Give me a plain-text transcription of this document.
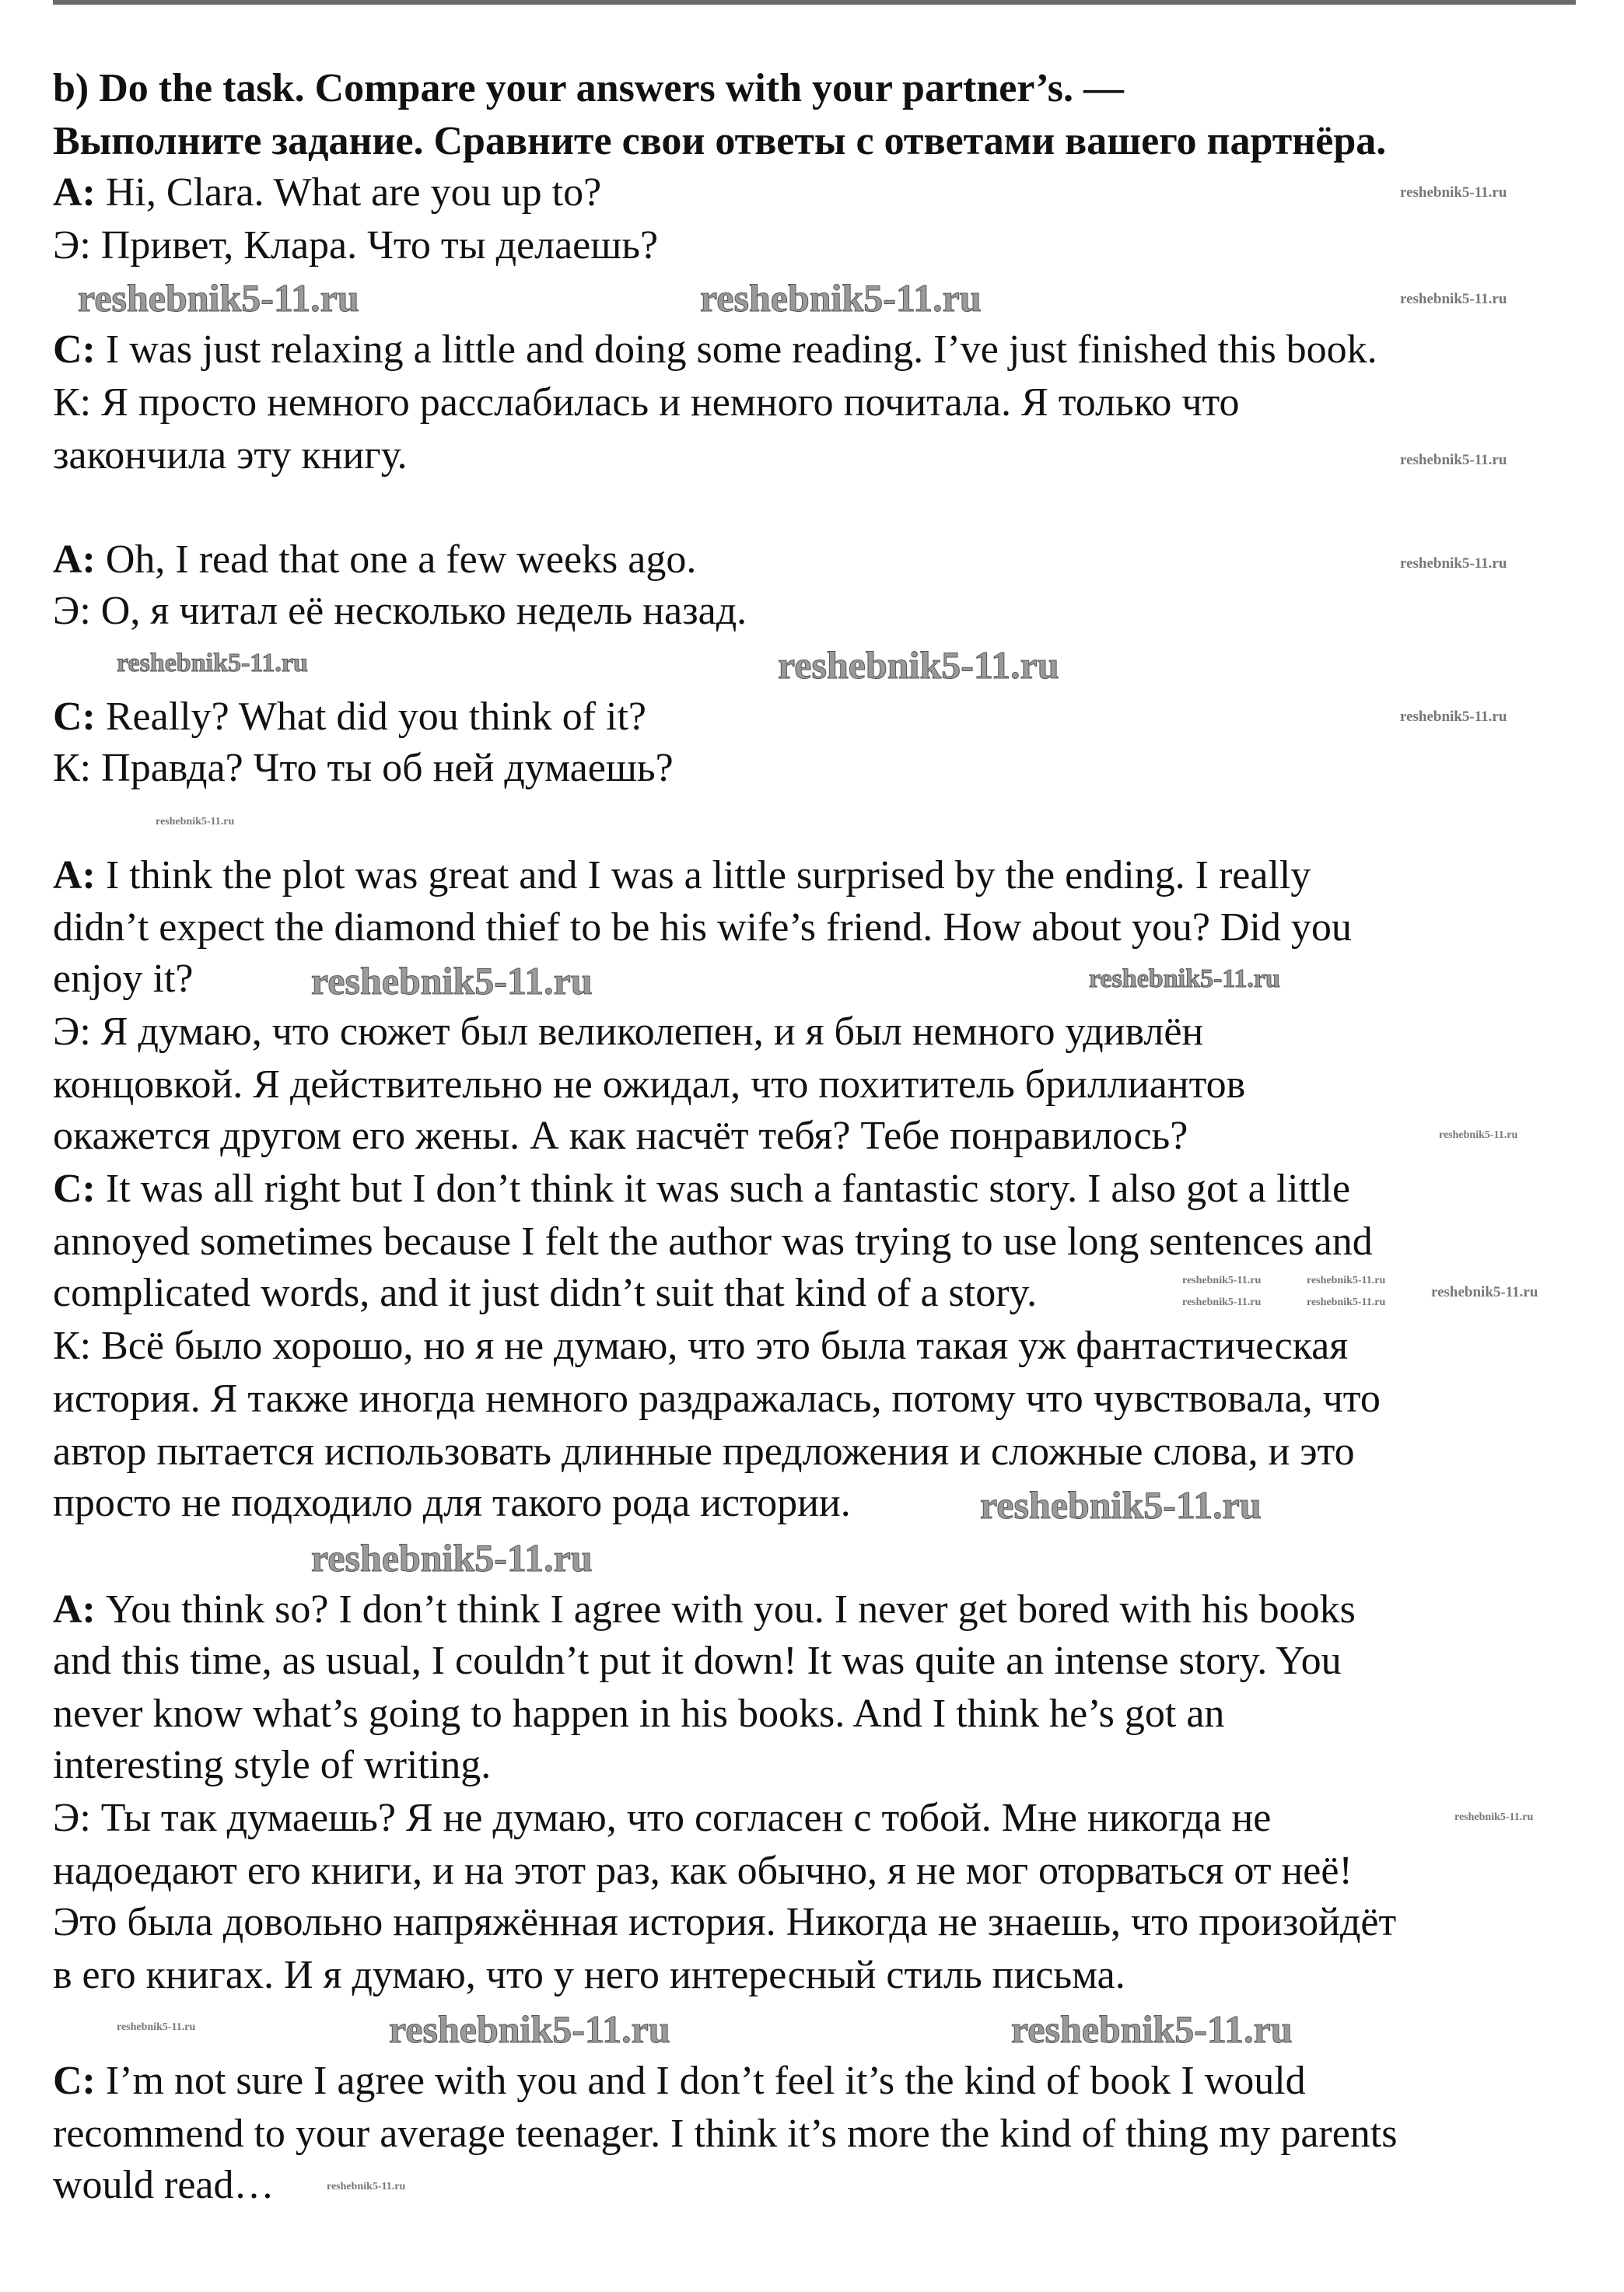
b) Do the task. Compare your answers with your partner’s. —
Выполните задание. Сравните свои ответы с ответами вашего партнёра.
A: Hi, Clara. What are you up to?
Э: Привет, Клара. Что ты делаешь?
C: I was just relaxing a little and doing some reading. I’ve just finished this book.
К: Я просто немного расслабилась и немного почитала. Я только что
закончила эту книгу.
A: Oh, I read that one a few weeks ago.
Э: О, я читал её несколько недель назад.
C: Really? What did you think of it?
К: Правда? Что ты об ней думаешь?
A: I think the plot was great and I was a little surprised by the ending. I really
didn’t expect the diamond thief to be his wife’s friend. How about you? Did you
enjoy it?
Э: Я думаю, что сюжет был великолепен, и я был немного удивлён
концовкой. Я действительно не ожидал, что похититель бриллиантов
окажется другом его жены. А как насчёт тебя? Тебе понравилось?
C: It was all right but I don’t think it was such a fantastic story. I also got a little
annoyed sometimes because I felt the author was trying to use long sentences and
complicated words, and it just didn’t suit that kind of a story.
К: Всё было хорошо, но я не думаю, что это была такая уж фантастическая
история. Я также иногда немного раздражалась, потому что чувствовала, что
автор пытается использовать длинные предложения и сложные слова, и это
просто не подходило для такого рода истории.
A: You think so? I don’t think I agree with you. I never get bored with his books
and this time, as usual, I couldn’t put it down! It was quite an intense story. You
never know what’s going to happen in his books. And I think he’s got an
interesting style of writing.
Э: Ты так думаешь? Я не думаю, что согласен с тобой. Мне никогда не
надоедают его книги, и на этот раз, как обычно, я не мог оторваться от неё!
Это была довольно напряжённая история. Никогда не знаешь, что произойдёт
в его книгах. И я думаю, что у него интересный стиль письма.
C: I’m not sure I agree with you and I don’t feel it’s the kind of book I would
recommend to your average teenager. I think it’s more the kind of thing my parents
would read…
reshebnik5-11.ru
reshebnik5-11.ru	reshebnik5-11.ru	reshebnik5-11.ru
reshebnik5-11.ru
reshebnik5-11.ru
reshebnik5-11.ru	reshebnik5-11.ru
reshebnik5-11.ru
reshebnik5-11.ru
reshebnik5-11.ru	reshebnik5-11.ru
reshebnik5-11.ru
reshebnik5-11.ru	reshebnik5-11.ru
reshebnik5-11.ru	reshebnik5-11.ru
reshebnik5-11.ru
reshebnik5-11.ru
reshebnik5-11.ru
reshebnik5-11.ru
reshebnik5-11.ru	reshebnik5-11.ru	reshebnik5-11.ru
reshebnik5-11.ru
